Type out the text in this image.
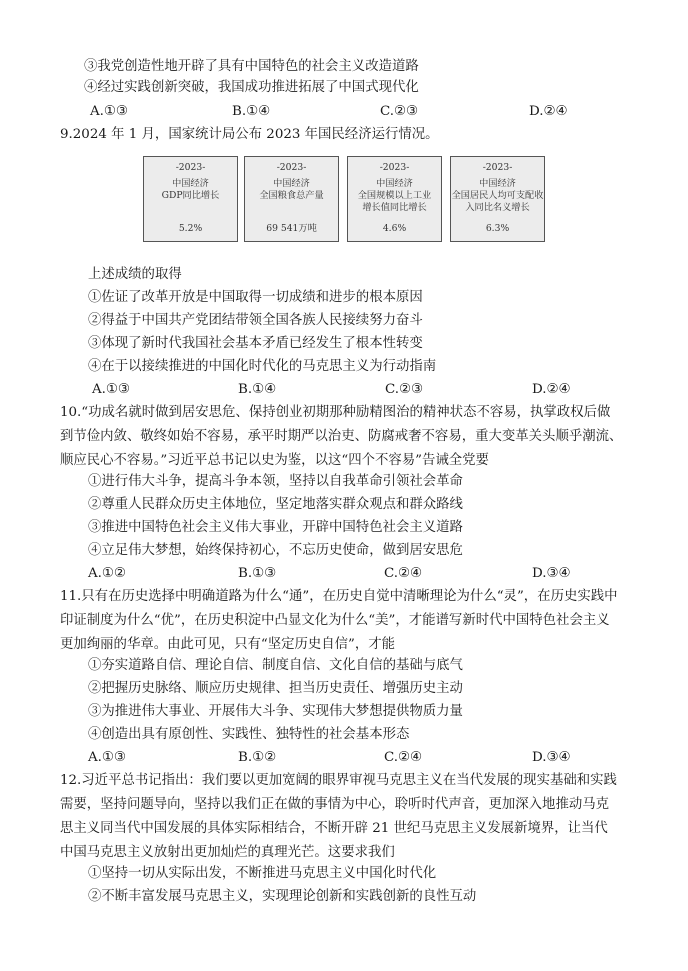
③我党创造性地开辟了具有中国特色的社会主义改造道路
④经过实践创新突破，我国成功推进拓展了中国式现代化
A.①③	B.①④	C.②③	D.②④
9.2024 年 1 月，国家统计局公布 2023 年国民经济运行情况。
-2023-
中国经济
GDP同比增长
5.2%
-2023-
中国经济
全国粮食总产量
69 541万吨
-2023-
中国经济
全国规模以上工业
增长值同比增长
4.6%
-2023-
中国经济
全国居民人均可支配收
入同比名义增长
6.3%
上述成绩的取得
①佐证了改革开放是中国取得一切成绩和进步的根本原因
②得益于中国共产党团结带领全国各族人民接续努力奋斗
③体现了新时代我国社会基本矛盾已经发生了根本性转变
④在于以接续推进的中国化时代化的马克思主义为行动指南
A.①③	B.①④	C.②③	D.②④
10.“功成名就时做到居安思危、保持创业初期那种励精图治的精神状态不容易，执掌政权后做
到节俭内敛、敬终如始不容易，承平时期严以治吏、防腐戒奢不容易，重大变革关头顺乎潮流、
顺应民心不容易。”习近平总书记以史为鉴，以这“四个不容易”告诫全党要
①进行伟大斗争，提高斗争本领，坚持以自我革命引领社会革命
②尊重人民群众历史主体地位，坚定地落实群众观点和群众路线
③推进中国特色社会主义伟大事业，开辟中国特色社会主义道路
④立足伟大梦想，始终保持初心，不忘历史使命，做到居安思危
A.①②	B.①③	C.②④	D.③④
11.只有在历史选择中明确道路为什么“通”，在历史自觉中清晰理论为什么“灵”，在历史实践中
印证制度为什么“优”，在历史积淀中凸显文化为什么“美”，才能谱写新时代中国特色社会主义
更加绚丽的华章。由此可见，只有“坚定历史自信”，才能
①夯实道路自信、理论自信、制度自信、文化自信的基础与底气
②把握历史脉络、顺应历史规律、担当历史责任、增强历史主动
③为推进伟大事业、开展伟大斗争、实现伟大梦想提供物质力量
④创造出具有原创性、实践性、独特性的社会基本形态
A.①③	B.①②	C.②④	D.③④
12.习近平总书记指出：我们要以更加宽阔的眼界审视马克思主义在当代发展的现实基础和实践
需要，坚持问题导向，坚持以我们正在做的事情为中心，聆听时代声音，更加深入地推动马克
思主义同当代中国发展的具体实际相结合，不断开辟 21 世纪马克思主义发展新境界，让当代
中国马克思主义放射出更加灿烂的真理光芒。这要求我们
①坚持一切从实际出发，不断推进马克思主义中国化时代化
②不断丰富发展马克思主义，实现理论创新和实践创新的良性互动
